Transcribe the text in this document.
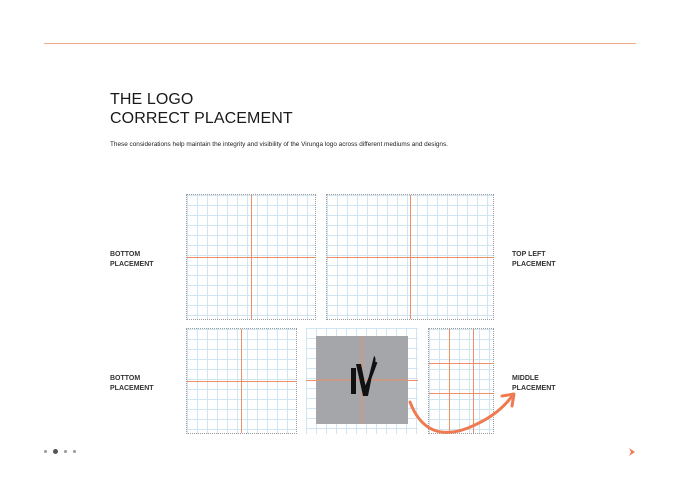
THE LOGO
CORRECT PLACEMENT

These considerations help maintain the integrity and visibility of the Virunga logo across different mediums and designs.

BOTTOM
PLACEMENT
TOP LEFT
PLACEMENT
BOTTOM
PLACEMENT
MIDDLE
PLACEMENT
